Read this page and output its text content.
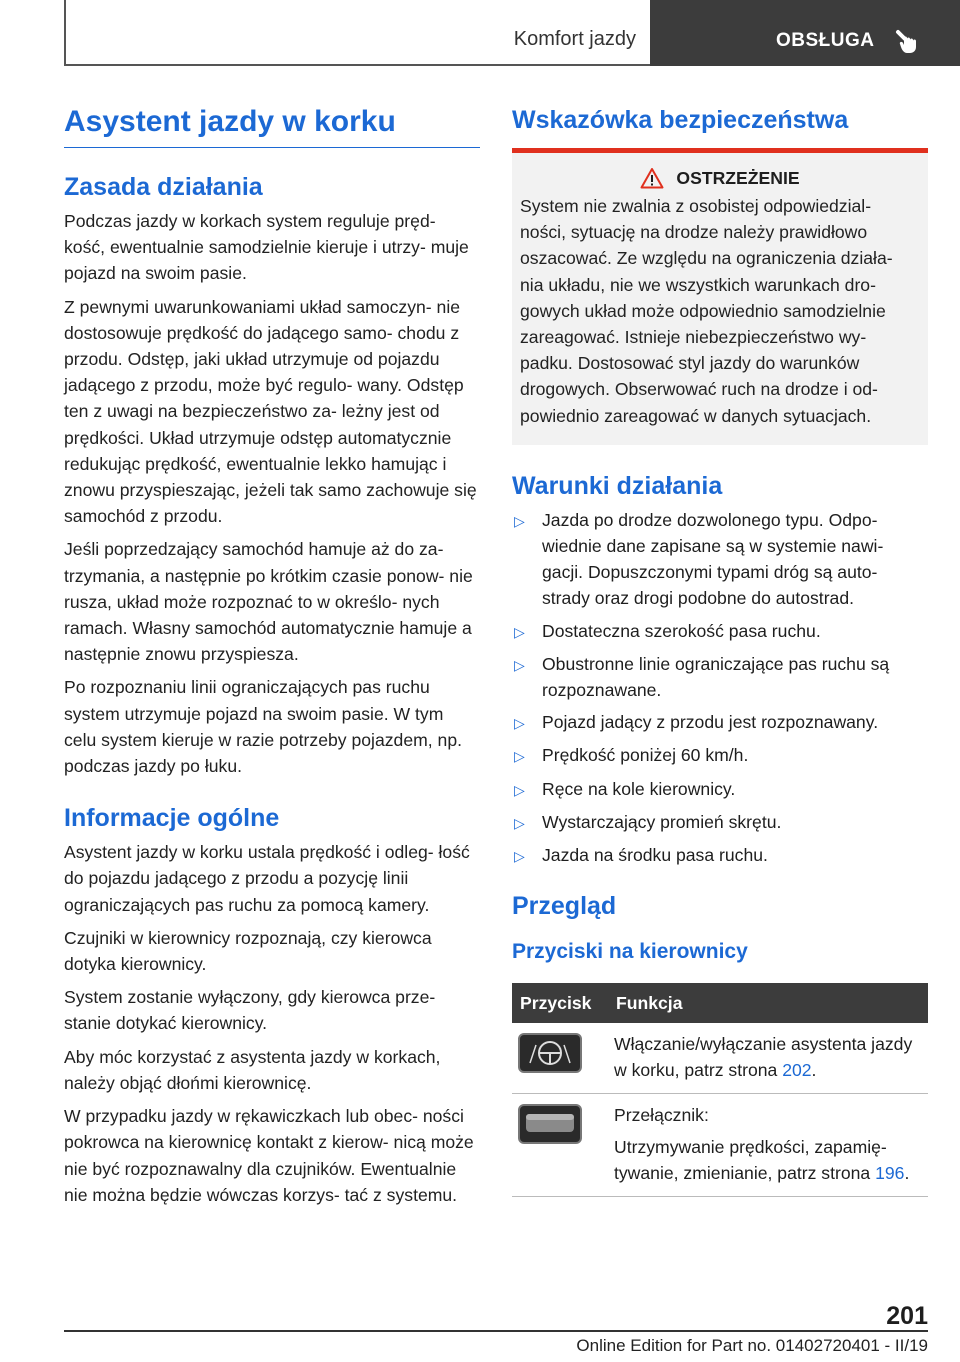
Komfort jazdy	OBSŁUGA
Asystent jazdy w korku
Zasada działania

Podczas jazdy w korkach system reguluje pręd- kość, ewentualnie samodzielnie kieruje i utrzy- muje pojazd na swoim pasie.

Z pewnymi uwarunkowaniami układ samoczyn- nie dostosowuje prędkość do jadącego samo- chodu z przodu. Odstęp, jaki układ utrzymuje od pojazdu jadącego z przodu, może być regulo- wany. Odstęp ten z uwagi na bezpieczeństwo za- leżny jest od prędkości. Układ utrzymuje odstęp automatycznie redukując prędkość, ewentualnie lekko hamując i znowu przyspieszając, jeżeli tak samo zachowuje się samochód z przodu.

Jeśli poprzedzający samochód hamuje aż do za- trzymania, a następnie po krótkim czasie ponow- nie rusza, układ może rozpoznać to w określo- nych ramach. Własny samochód automatycznie hamuje a następnie znowu przyspiesza.

Po rozpoznaniu linii ograniczających pas ruchu system utrzymuje pojazd na swoim pasie. W tym celu system kieruje w razie potrzeby pojazdem, np. podczas jazdy po łuku.

Informacje ogólne

Asystent jazdy w korku ustala prędkość i odleg- łość do pojazdu jadącego z przodu a pozycję linii ograniczających pas ruchu za pomocą kamery.

Czujniki w kierownicy rozpoznają, czy kierowca dotyka kierownicy.

System zostanie wyłączony, gdy kierowca prze- stanie dotykać kierownicy.

Aby móc korzystać z asystenta jazdy w korkach, należy objąć dłońmi kierownicę.

W przypadku jazdy w rękawiczkach lub obec- ności pokrowca na kierownicę kontakt z kierow- nicą może nie być rozpoznawalny dla czujników. Ewentualnie nie można będzie wówczas korzys- tać z systemu.

Wskazówka bezpieczeństwa
OSTRZEŻENIE

System nie zwalnia z osobistej odpowiedzial- ności, sytuację na drodze należy prawidłowo oszacować. Ze względu na ograniczenia działa- nia układu, nie we wszystkich warunkach dro- gowych układ może odpowiednio samodzielnie zareagować. Istnieje niebezpieczeństwo wy- padku. Dostosować styl jazdy do warunków drogowych. Obserwować ruch na drodze i od- powiednio zareagować w danych sytuacjach.

Warunki działania
▷ Jazda po drodze dozwolonego typu. Odpo- wiednie dane zapisane są w systemie nawi- gacji. Dopuszczonymi typami dróg są auto- strady oraz drogi podobne do autostrad.
▷ Dostateczna szerokość pasa ruchu.
▷ Obustronne linie ograniczające pas ruchu są rozpoznawane.
▷ Pojazd jadący z przodu jest rozpoznawany.
▷ Prędkość poniżej 60 km/h.
▷ Ręce na kole kierownicy.
▷ Wystarczający promień skrętu.
▷ Jazda na środku pasa ruchu.
Przegląd
Przyciski na kierownicy
Przycisk	Funkcja

	Włączanie/wyłączanie asystenta jazdy w korku, patrz strona 202.

Przełącznik:

Utrzymywanie prędkości, zapamię- tywanie, zmienianie, patrz strona 196.
201
Online Edition for Part no. 01402720401 - II/19
